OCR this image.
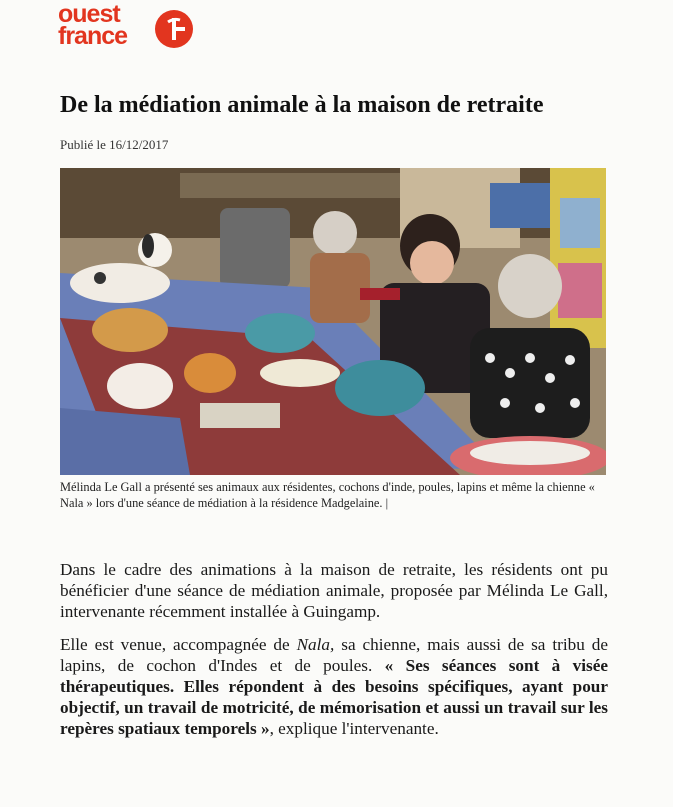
ouest
france
De la médiation animale à la maison de retraite
Publié le 16/12/2017

Mélinda Le Gall a présenté ses animaux aux résidentes, cochons d'inde, poules, lapins et même la chienne « Nala » lors d'une séance de médiation à la résidence Madgelaine. |

Dans le cadre des animations à la maison de retraite, les résidents ont pu bénéficier d'une séance de médiation animale, proposée par Mélinda Le Gall, intervenante récemment installée à Guingamp.

Elle est venue, accompagnée de Nala, sa chienne, mais aussi de sa tribu de lapins, de cochon d'Indes et de poules. « Ses séances sont à visée thérapeutiques. Elles répondent à des besoins spécifiques, ayant pour objectif, un travail de motricité, de mémorisation et aussi un travail sur les repères spatiaux temporels », explique l'intervenante.
